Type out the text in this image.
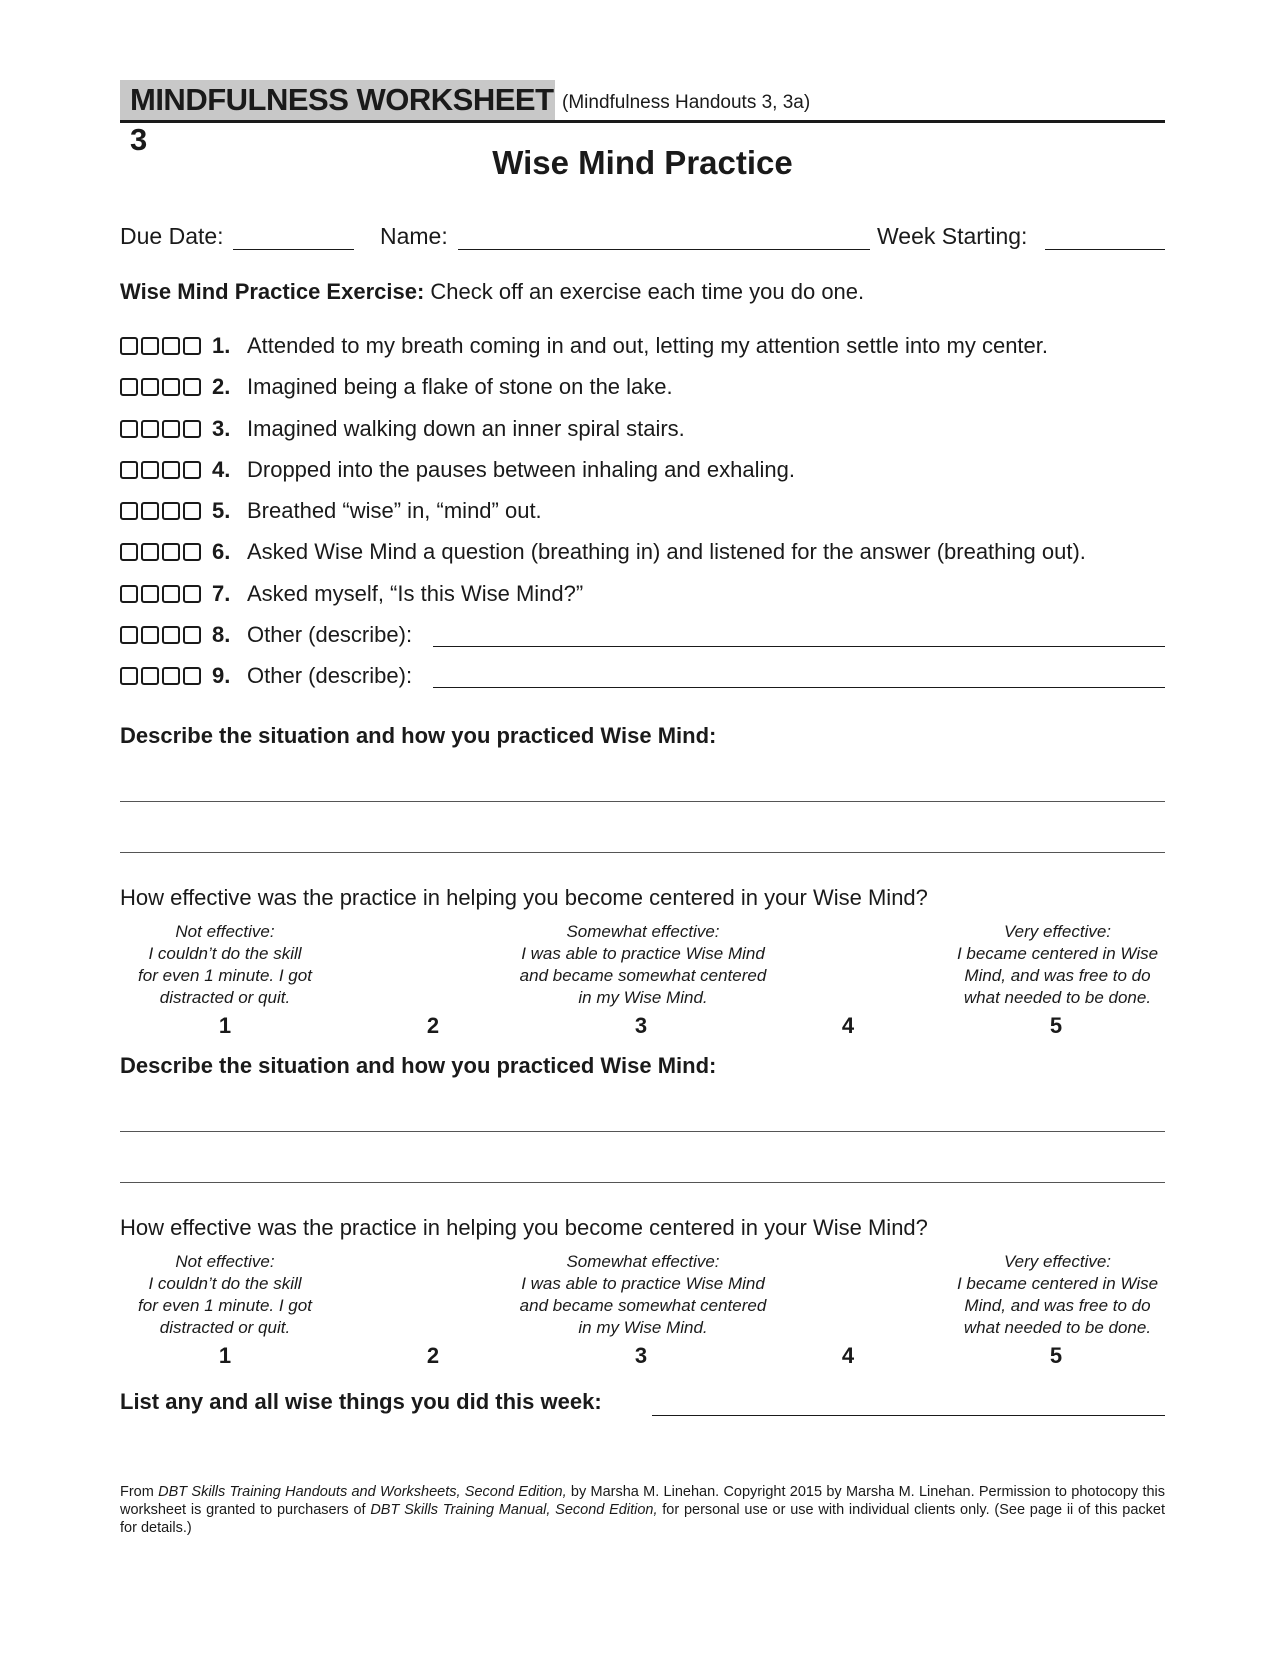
MINDFULNESS WORKSHEET 3
(Mindfulness Handouts 3, 3a)
Wise Mind Practice
Due Date:	Name:	Week Starting:
Wise Mind Practice Exercise: Check off an exercise each time you do one.
1. Attended to my breath coming in and out, letting my attention settle into my center.
2. Imagined being a flake of stone on the lake.
3. Imagined walking down an inner spiral stairs.
4. Dropped into the pauses between inhaling and exhaling.
5. Breathed “wise” in, “mind” out.
6. Asked Wise Mind a question (breathing in) and listened for the answer (breathing out).
7. Asked myself, “Is this Wise Mind?”
8. Other (describe):
9. Other (describe):
Describe the situation and how you practiced Wise Mind:
How effective was the practice in helping you become centered in your Wise Mind?
Not effective:
I couldn’t do the skill
for even 1 minute. I got
distracted or quit.
Somewhat effective:
I was able to practice Wise Mind
and became somewhat centered
in my Wise Mind.
Very effective:
I became centered in Wise
Mind, and was free to do
what needed to be done.
1	2	3	4	5
Describe the situation and how you practiced Wise Mind:
How effective was the practice in helping you become centered in your Wise Mind?
Not effective:
I couldn’t do the skill
for even 1 minute. I got
distracted or quit.
Somewhat effective:
I was able to practice Wise Mind
and became somewhat centered
in my Wise Mind.
Very effective:
I became centered in Wise
Mind, and was free to do
what needed to be done.
1	2	3	4	5
List any and all wise things you did this week:
From DBT Skills Training Handouts and Worksheets, Second Edition, by Marsha M. Linehan. Copyright 2015 by Marsha M. Linehan. Permission to photocopy this worksheet is granted to purchasers of DBT Skills Training Manual, Second Edition, for personal use or use with individual clients only. (See page ii of this packet for details.)
